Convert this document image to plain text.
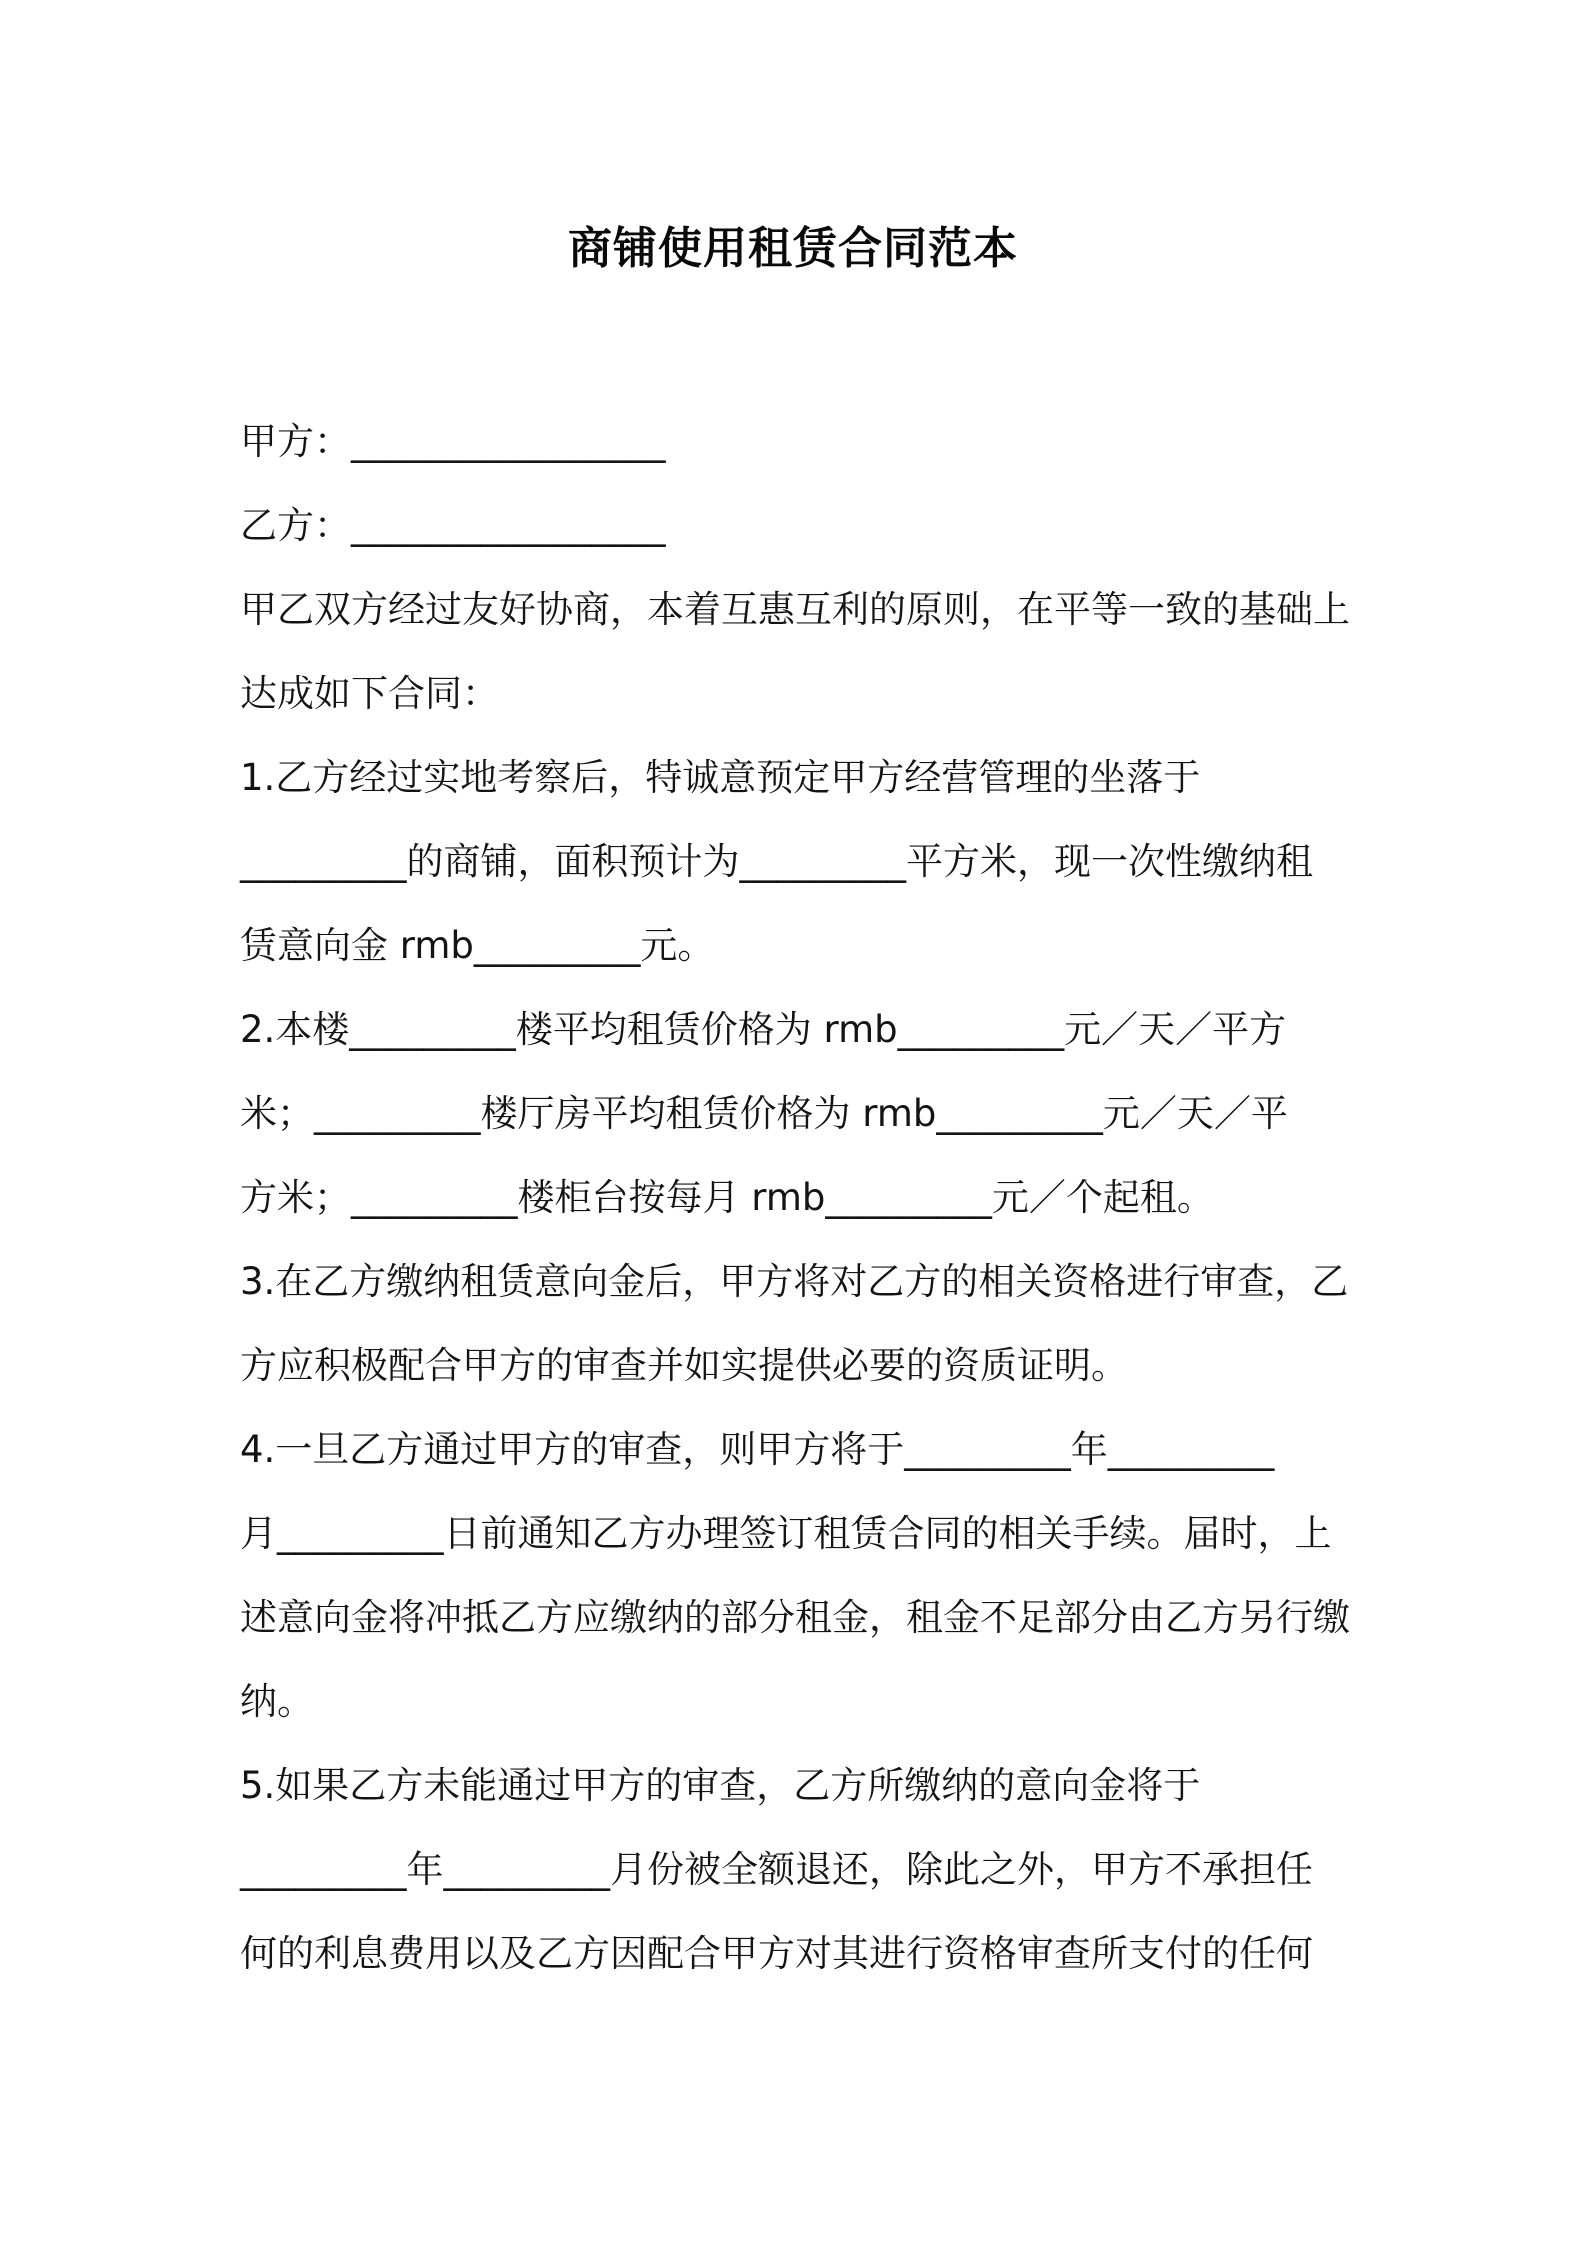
商铺使用租赁合同范本
甲方：_________________
乙方：_________________
甲乙双方经过友好协商，本着互惠互利的原则，在平等一致的基础上
达成如下合同：
1.乙方经过实地考察后，特诚意预定甲方经营管理的坐落于
_________的商铺，面积预计为_________平方米，现一次性缴纳租
赁意向金 rmb_________元。
2.本楼_________楼平均租赁价格为 rmb_________元／天／平方
米；_________楼厅房平均租赁价格为 rmb_________元／天／平
方米；_________楼柜台按每月 rmb_________元／个起租。
3.在乙方缴纳租赁意向金后，甲方将对乙方的相关资格进行审查，乙
方应积极配合甲方的审查并如实提供必要的资质证明。
4.一旦乙方通过甲方的审查，则甲方将于_________年_________
月_________日前通知乙方办理签订租赁合同的相关手续。届时，上
述意向金将冲抵乙方应缴纳的部分租金，租金不足部分由乙方另行缴
纳。
5.如果乙方未能通过甲方的审查，乙方所缴纳的意向金将于
_________年_________月份被全额退还，除此之外，甲方不承担任
何的利息费用以及乙方因配合甲方对其进行资格审查所支付的任何
